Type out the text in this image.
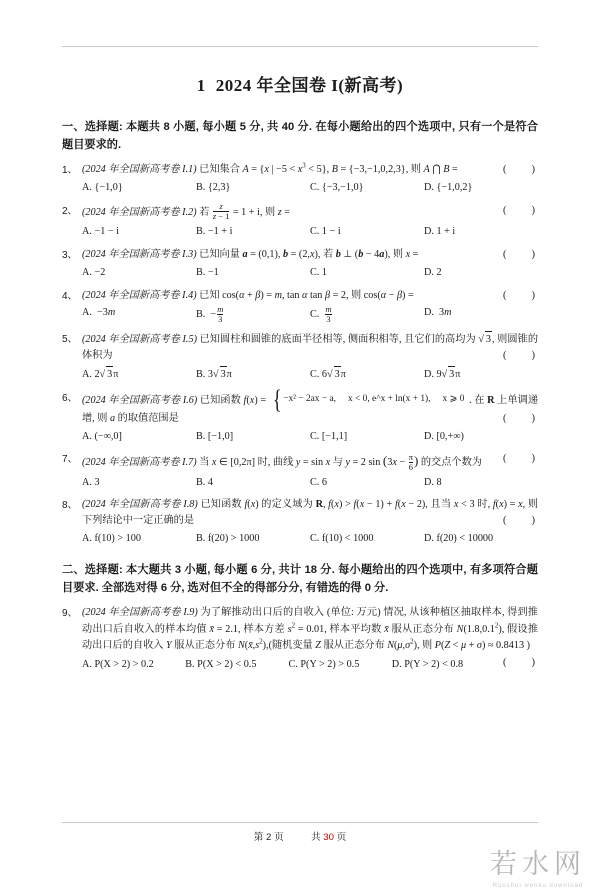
1 2024 年全国卷 I(新高考)
一、选择题: 本题共 8 小题, 每小题 5 分, 共 40 分. 在每小题给出的四个选项中, 只有一个是符合题目要求的.
1、	(    )
(2024 年全国新高考卷 I.1) 已知集合 A = {x | $-5 < x^3 < 5$}, B = {−3,−1,0,2,3}, 则 A ⋂ B =
A. {−1,0}	B. {2,3}	C. {−3,−1,0}	D. {−1,0,2}
2、	(    )
(2024 年全国新高考卷 I.2) 若 $\frac{z}{z - 1} = 1 + i$, 则 z =
A. −1 − i	B. −1 + i	C. 1 − i	D. 1 + i
3、	(    )
(2024 年全国新高考卷 I.3) 已知向量 a = (0,1), b = (2,x), 若 b ⊥ (b − 4a), 则 x =
A. −2	B. −1	C. 1	D. 2
4、	(    )
(2024 年全国新高考卷 I.4) 已知 cos(α + β) = m, tan α tan β = 2, 则 cos(α − β) =
A.  −3m	B.  − $\frac{m}{3}$	C. $\frac{m}{3}$	D.  3m
5、 (2024 年全国新高考卷 I.5) 已知圆柱和圆锥的底面半径相等, 侧面积相等, 且它们的高均为 √ 3, 则圆锥的体积为	(    )
A. 2√ 3π	B. 3√ 3π	C. 6√ 3π	D. 9√ 3π
6、 (2024 年全国新高考卷 I.6) 已知函数 f(x) = { −x² − 2ax − a, x < 0, e^x + ln(x + 1), x ⩾ 0 . 在 R 上单调递增, 则 a 的取值范围是	(    )
A. (−∞,0]	B. [−1,0]	C. [−1,1]	D. [0,+∞)
7、 (2024 年全国新高考卷 I.7) 当 x ∈ [0,2π] 时, 曲线 y = sin x 与 y = 2 $\sin (3x - \frac{\pi}{6}$ ) 的交点个数为 (    )
A. 3	B. 4	C. 6	D. 8
8、 (2024 年全国新高考卷 I.8) 已知函数 f(x) 的定义域为 R, f(x) > f(x − 1) + f(x − 2), 且当 x < 3 时, f(x) = x, 则下列结论中一定正确的是	(    )
A. f(10) > 100	B. f(20) > 1000	C. f(10) < 1000	D. f(20) < 10000
二、选择题: 本大题共 3 小题, 每小题 6 分, 共计 18 分. 每小题给出的四个选项中, 有多项符合题目要求. 全部选对得 6 分, 选对但不全的得部分分, 有错选的得 0 分.
9、 (2024 年全国新高考卷 I.9) 为了解推动出口后的自收入 (单位: 万元) 情况, 从该种植区抽取样本, 得到推动出口后自收入的样本均值 x̄ = 2.1, 样本方差 $s^2 = 0.01$, 样本平均数 x̄ 服从正态分布 N(1.8,0.1$^2$), 假设推动出口后的自收入 Y 服从正态分布 $N(x̄,s^2)$,(随机变量 Z 服从正态分布 $N(\mu,\sigma^2)$, 则 P(Z < μ + σ) ≈ 0.8413 )
(    )
A. P(X > 2) > 0.2	B. P(X > 2) < 0.5	C. P(Y > 2) > 0.5	D. P(Y > 2) < 0.8
第 2 页	共 30 页
若水网
Ruoshui wenku download
